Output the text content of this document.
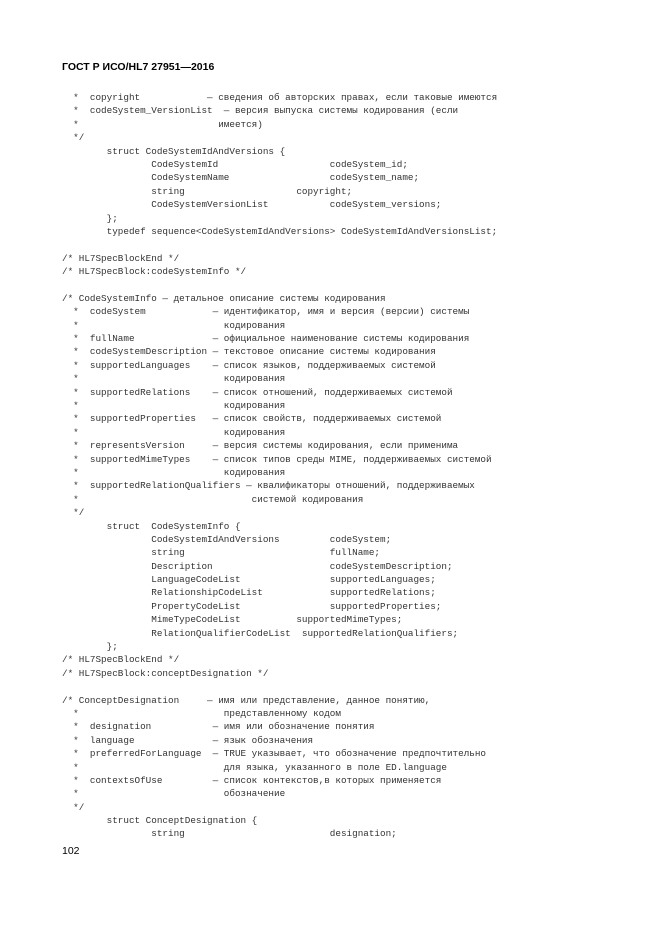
ГОСТ Р ИСО/HL7 27951—2016
*  copyright            — сведения об авторских правах, если таковые имеются
*  codeSystem_VersionList  — версия выпуска системы кодирования (если
*                         имеется)
*/
struct CodeSystemIdAndVersions {
CodeSystemId                    codeSystem_id;
CodeSystemName                  codeSystem_name;
string                    copyright;
CodeSystemVersionList           codeSystem_versions;
};
typedef sequence<CodeSystemIdAndVersions> CodeSystemIdAndVersionsList;
/* HL7SpecBlockEnd */
/* HL7SpecBlock:codeSystemInfo */
/* CodeSystemInfo — детальное описание системы кодирования
*  codeSystem            — идентификатор, имя и версия (версии) системы
*                          кодирования
*  fullName              — официальное наименование системы кодирования
*  codeSystemDescription — текстовое описание системы кодирования
*  supportedLanguages    — список языков, поддерживаемых системой
*                          кодирования
*  supportedRelations    — список отношений, поддерживаемых системой
*                          кодирования
*  supportedProperties   — список свойств, поддерживаемых системой
*                          кодирования
*  representsVersion     — версия системы кодирования, если применима
*  supportedMimeTypes    — список типов среды MIME, поддерживаемых системой
*                          кодирования
*  supportedRelationQualifiers — квалификаторы отношений, поддерживаемых
*                               системой кодирования
*/
struct  CodeSystemInfo {
CodeSystemIdAndVersions         codeSystem;
string                          fullName;
Description                     codeSystemDescription;
LanguageCodeList                supportedLanguages;
RelationshipCodeList            supportedRelations;
PropertyCodeList                supportedProperties;
MimeTypeCodeList          supportedMimeTypes;
RelationQualifierCodeList  supportedRelationQualifiers;
};
/* HL7SpecBlockEnd */
/* HL7SpecBlock:conceptDesignation */
/* ConceptDesignation     — имя или представление, данное понятию,
*                          представленному кодом
*  designation           — имя или обозначение понятия
*  language              — язык обозначения
*  preferredForLanguage  — TRUE указывает, что обозначение предпочтительно
*                          для языка, указанного в поле ED.language
*  contextsOfUse         — список контекстов,в которых применяется
*                          обозначение
*/
struct ConceptDesignation {
string                          designation;
102
